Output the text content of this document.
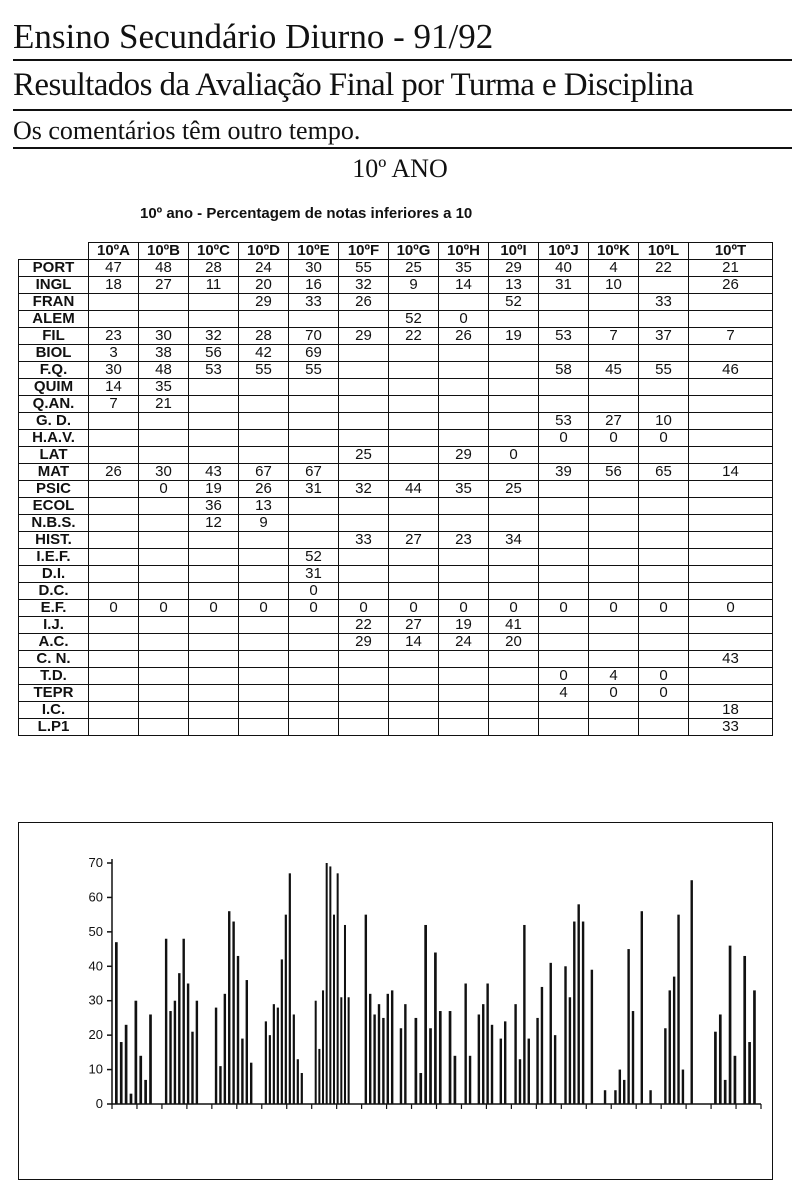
Ensino Secundário Diurno - 91/92
Resultados da Avaliação Final por Turma e Disciplina
Os comentários têm outro tempo.
10º ANO
10º ano - Percentagem de notas inferiores a 10
	10ºA	10ºB	10ºC	10ºD	10ºE	10ºF	10ºG	10ºH	10ºI	10ºJ	10ºK	10ºL	10ºT
PORT	47	48	28	24	30	55	25	35	29	40	4	22	21
INGL	18	27	11	20	16	32	9	14	13	31	10		26
FRAN				29	33	26			52			33	
ALEM							52	0					
FIL	23	30	32	28	70	29	22	26	19	53	7	37	7
BIOL	3	38	56	42	69								
F.Q.	30	48	53	55	55					58	45	55	46
QUIM	14	35											
Q.AN.	7	21											
G. D.										53	27	10	
H.A.V.										0	0	0	
LAT						25		29	0				
MAT	26	30	43	67	67					39	56	65	14
PSIC		0	19	26	31	32	44	35	25				
ECOL			36	13									
N.B.S.			12	9									
HIST.						33	27	23	34				
I.E.F.					52								
D.I.					31								
D.C.					0								
E.F.	0	0	0	0	0	0	0	0	0	0	0	0	0
I.J.						22	27	19	41				
A.C.						29	14	24	20				
C. N.													43
T.D.										0	4	0	
TEPR										4	0	0	
I.C.													18
L.P1													33
0
10
20
30
40
50
60
70
